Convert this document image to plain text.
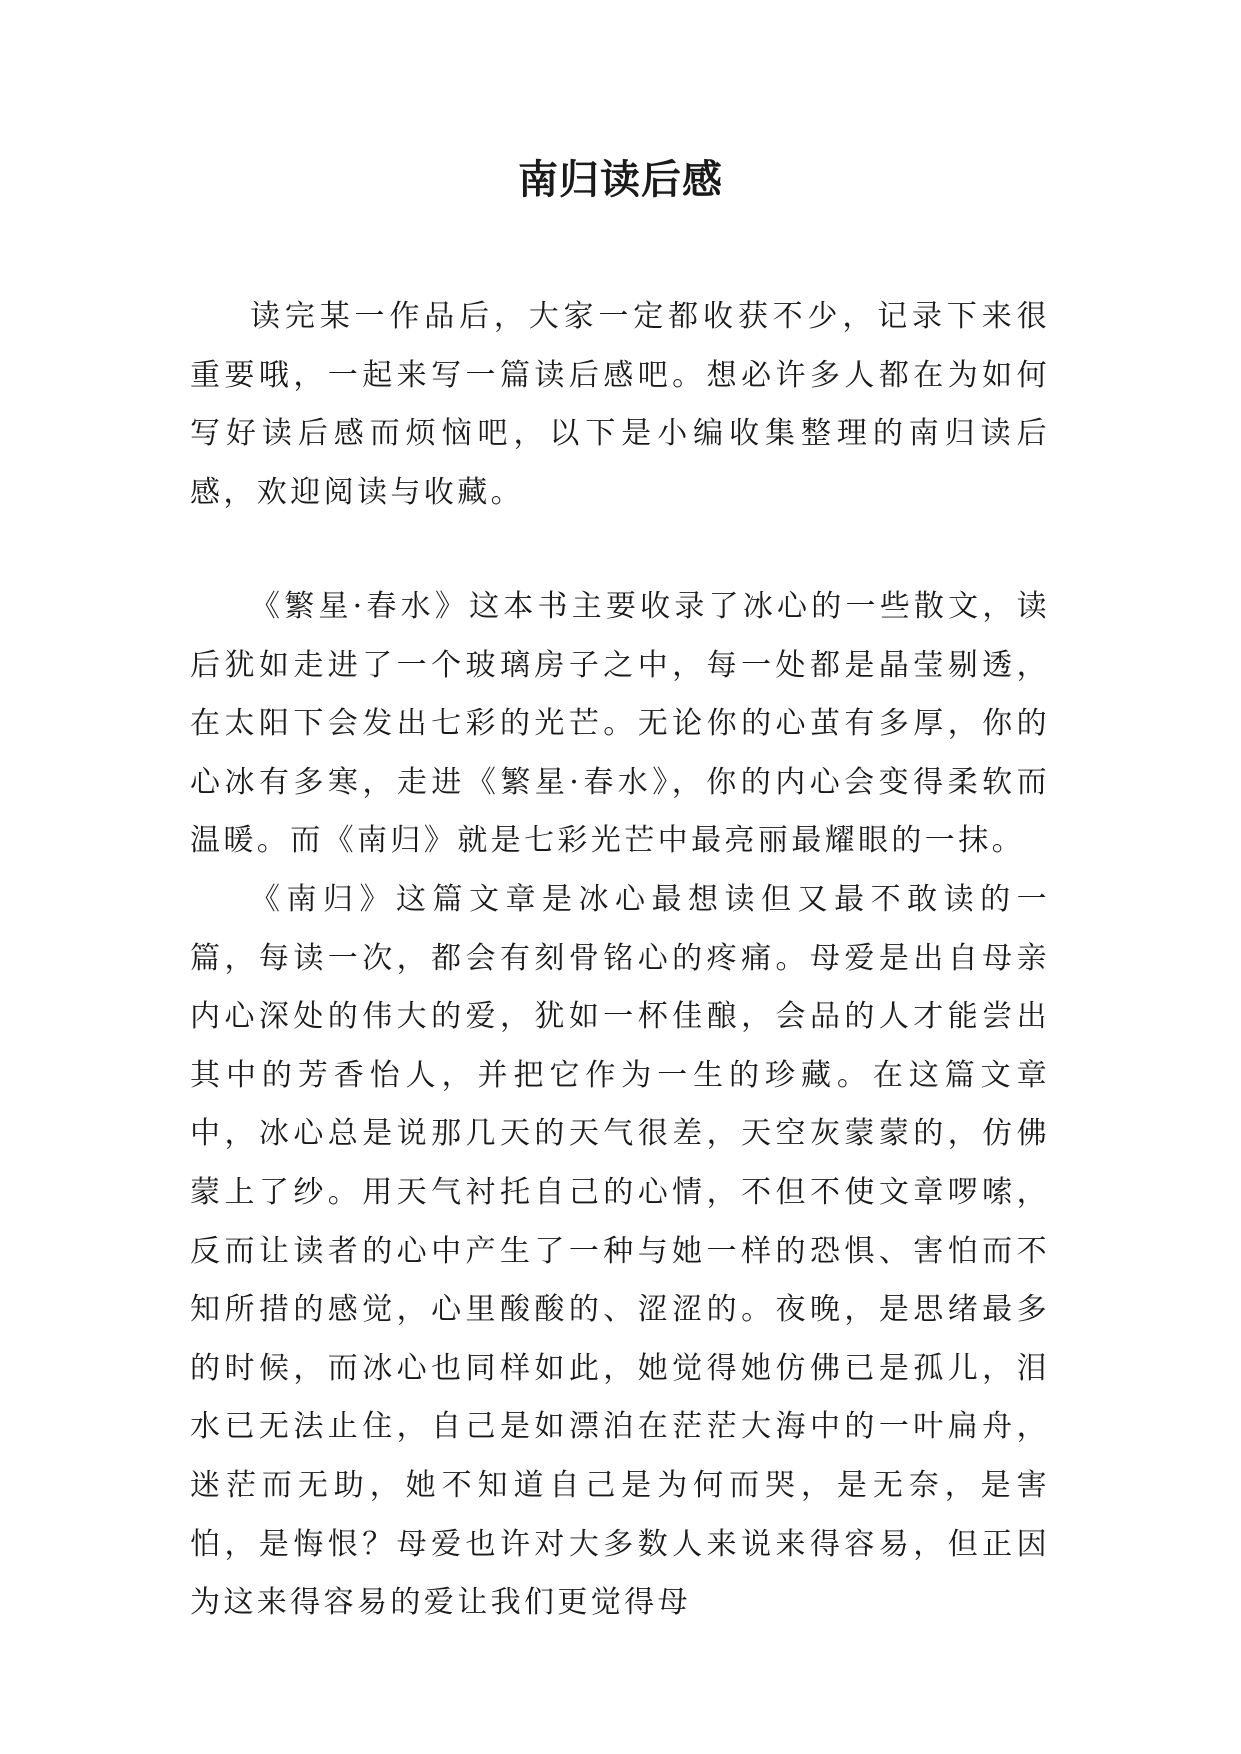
南归读后感

读完某一作品后，大家一定都收获不少，记录下来很重要哦，一起来写一篇读后感吧。想必许多人都在为如何写好读后感而烦恼吧，以下是小编收集整理的南归读后感，欢迎阅读与收藏。

《繁星·春水》这本书主要收录了冰心的一些散文，读后犹如走进了一个玻璃房子之中，每一处都是晶莹剔透，在太阳下会发出七彩的光芒。无论你的心茧有多厚，你的心冰有多寒，走进《繁星·春水》，你的内心会变得柔软而温暖。而《南归》就是七彩光芒中最亮丽最耀眼的一抹。

《南归》这篇文章是冰心最想读但又最不敢读的一篇，每读一次，都会有刻骨铭心的疼痛。母爱是出自母亲内心深处的伟大的爱，犹如一杯佳酿，会品的人才能尝出其中的芳香怡人，并把它作为一生的珍藏。在这篇文章中，冰心总是说那几天的天气很差，天空灰蒙蒙的，仿佛蒙上了纱。用天气衬托自己的心情，不但不使文章啰嗦，反而让读者的心中产生了一种与她一样的恐惧、害怕而不知所措的感觉，心里酸酸的、涩涩的。夜晚，是思绪最多的时候，而冰心也同样如此，她觉得她仿佛已是孤儿，泪水已无法止住，自己是如漂泊在茫茫大海中的一叶扁舟，迷茫而无助，她不知道自己是为何而哭，是无奈，是害怕，是悔恨？母爱也许对大多数人来说来得容易，但正因为这来得容易的爱让我们更觉得母
